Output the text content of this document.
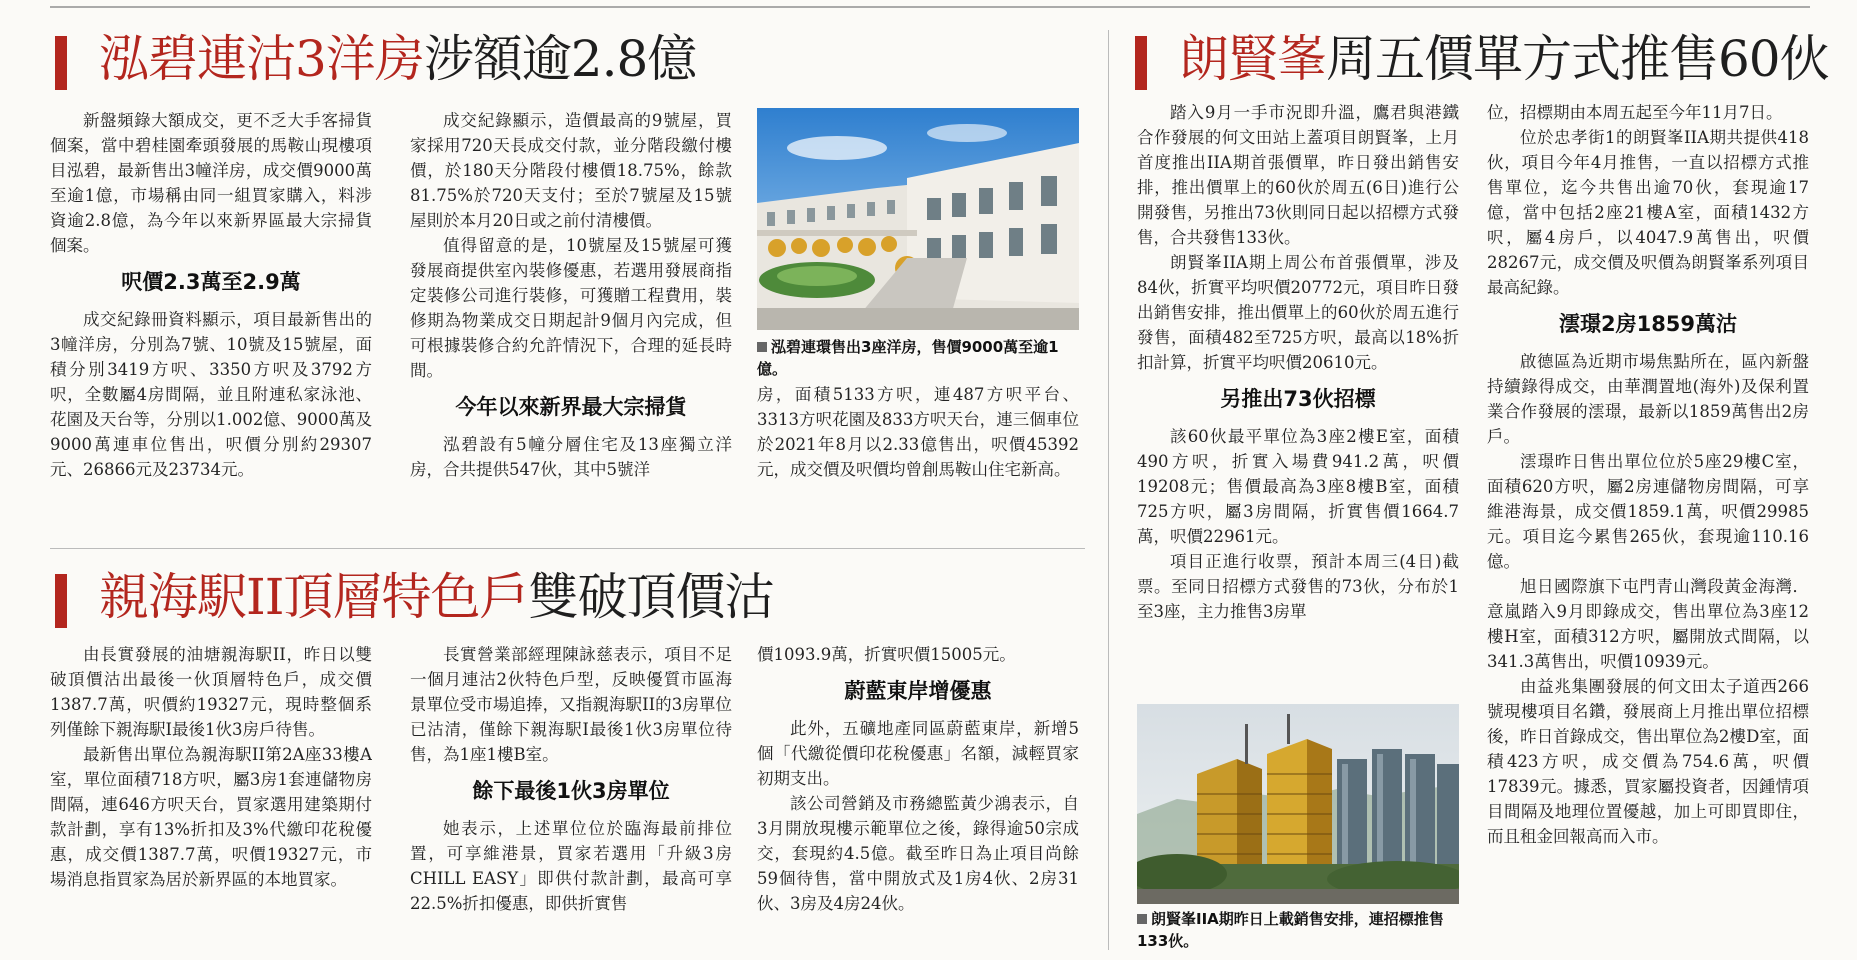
泓碧連沽3洋房涉額逾2.8億

新盤頻錄大額成交，更不乏大手客掃貨個案，當中碧桂園牽頭發展的馬鞍山現樓項目泓碧，最新售出3幢洋房，成交價9000萬至逾1億，市場稱由同一組買家購入，料涉資逾2.8億，為今年以來新界區最大宗掃貨個案。

呎價2.3萬至2.9萬

成交紀錄冊資料顯示，項目最新售出的3幢洋房，分別為7號、10號及15號屋，面積分別3419方呎、3350方呎及3792方呎，全數屬4房間隔，並且附連私家泳池、花園及天台等，分別以1.002億、9000萬及9000萬連車位售出，呎價分別約29307元、26866元及23734元。

成交紀錄顯示，造價最高的9號屋，買家採用720天長成交付款，並分階段繳付樓價，於180天分階段付樓價18.75%，餘款81.75%於720天支付；至於7號屋及15號屋則於本月20日或之前付清樓價。

值得留意的是，10號屋及15號屋可獲發展商提供室內裝修優惠，若選用發展商指定裝修公司進行裝修，可獲贈工程費用，裝修期為物業成交日期起計9個月內完成，但可根據裝修合約允許情況下，合理的延長時間。

今年以來新界最大宗掃貨

泓碧設有5幢分層住宅及13座獨立洋房，合共提供547伙，其中5號洋

泓碧連環售出3座洋房，售價9000萬至逾1億。

房，面積5133方呎，連487方呎平台、3313方呎花園及833方呎天台，連三個車位於2021年8月以2.33億售出，呎價45392元，成交價及呎價均曾創馬鞍山住宅新高。

親海駅II頂層特色戶雙破頂價沽

由長實發展的油塘親海駅II，昨日以雙破頂價沽出最後一伙頂層特色戶，成交價1387.7萬，呎價約19327元，現時整個系列僅餘下親海駅I最後1伙3房戶待售。

最新售出單位為親海駅II第2A座33樓A室，單位面積718方呎，屬3房1套連儲物房間隔，連646方呎天台，買家選用建築期付款計劃，享有13%折扣及3%代繳印花稅優惠，成交價1387.7萬，呎價19327元，市場消息指買家為居於新界區的本地買家。

長實營業部經理陳詠慈表示，項目不足一個月連沽2伙特色戶型，反映優質市區海景單位受市場追捧，又指親海駅II的3房單位已沽清，僅餘下親海駅I最後1伙3房單位待售，為1座1樓B室。

餘下最後1伙3房單位

她表示，上述單位位於臨海最前排位置，可享維港景，買家若選用「升級3房CHILL EASY」即供付款計劃，最高可享22.5%折扣優惠，即供折實售

價1093.9萬，折實呎價15005元。

蔚藍東岸增優惠

此外，五礦地產同區蔚藍東岸，新增5個「代繳從價印花稅優惠」名額，減輕買家初期支出。

該公司營銷及市務總監黃少鴻表示，自3月開放現樓示範單位之後，錄得逾50宗成交，套現約4.5億。截至昨日為止項目尚餘59個待售，當中開放式及1房4伙、2房31伙、3房及4房24伙。

朗賢峯周五價單方式推售60伙

踏入9月一手市況即升溫，鷹君與港鐵合作發展的何文田站上蓋項目朗賢峯，上月首度推出IIA期首張價單，昨日發出銷售安排，推出價單上的60伙於周五(6日)進行公開發售，另推出73伙則同日起以招標方式發售，合共發售133伙。

朗賢峯IIA期上周公布首張價單，涉及84伙，折實平均呎價20772元，項目昨日發出銷售安排，推出價單上的60伙於周五進行發售，面積482至725方呎，最高以18%折扣計算，折實平均呎價20610元。

另推出73伙招標

該60伙最平單位為3座2樓E室，面積490方呎，折實入場費941.2萬，呎價19208元；售價最高為3座8樓B室，面積725方呎，屬3房間隔，折實售價1664.7萬，呎價22961元。

項目正進行收票，預計本周三(4日)截票。至同日招標方式發售的73伙，分布於1至3座，主力推售3房單

朗賢峯IIA期昨日上載銷售安排，連招標推售133伙。

位，招標期由本周五起至今年11月7日。

位於忠孝街1的朗賢峯IIA期共提供418伙，項目今年4月推售，一直以招標方式推售單位，迄今共售出逾70伙，套現逾17億，當中包括2座21樓A室，面積1432方呎，屬4房戶，以4047.9萬售出，呎價28267元，成交價及呎價為朗賢峯系列項目最高紀錄。

澐璟2房1859萬沽

啟德區為近期市場焦點所在，區內新盤持續錄得成交，由華潤置地(海外)及保利置業合作發展的澐璟，最新以1859萬售出2房戶。

澐璟昨日售出單位位於5座29樓C室，面積620方呎，屬2房連儲物房間隔，可享維港海景，成交價1859.1萬，呎價29985元。項目迄今累售265伙，套現逾110.16億。

旭日國際旗下屯門青山灣段黃金海灣．意嵐踏入9月即錄成交，售出單位為3座12樓H室，面積312方呎，屬開放式間隔，以341.3萬售出，呎價10939元。

由益兆集團發展的何文田太子道西266號現樓項目名鑽，發展商上月推出單位招標後，昨日首錄成交，售出單位為2樓D室，面積423方呎，成交價為754.6萬，呎價17839元。據悉，買家屬投資者，因鍾情項目間隔及地理位置優越，加上可即買即住，而且租金回報高而入市。
